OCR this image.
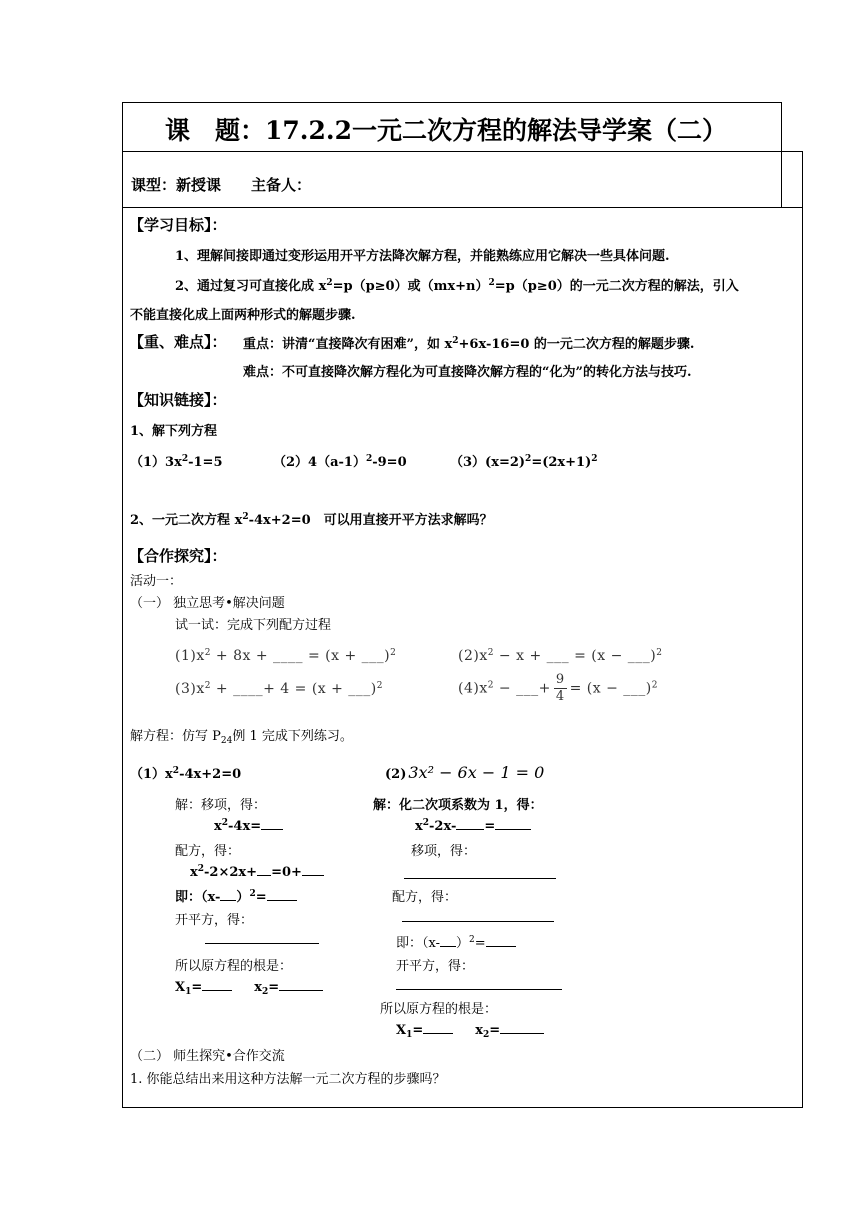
课　题：17.2.2一元二次方程的解法导学案（二）
课型：新授课　　主备人：
【学习目标】：
1、理解间接即通过变形运用开平方法降次解方程，并能熟练应用它解决一些具体问题.
2、通过复习可直接化成 $x^2=p(p\ge 0)$或$(mx+n)^2=p(p\ge 0)$的一元二次方程的解法，引入
不能直接化成上面两种形式的解题步骤.
【重、难点】： 重点：讲清“直接降次有困难”，如 $x^2+6x-16=0$ 的一元二次方程的解题步骤.
难点：不可直接降次解方程化为可直接降次解方程的“化为”的转化方法与技巧.
【知识链接】：
1、解下列方程
$(1)3x^2-1=5$	$(2)4(a-1)^2-9=0$	$(3)(x=2)^2=(2x+1)^2$
2、一元二次方程 $x^2-4x+2=0$　可以用直接开平方法求解吗？
【合作探究】：
活动一：
（一） 独立思考•解决问题
试一试：完成下列配方过程
$(1)x^2 + 8x$ + ____ = (x + ___)$^2$	$(2)x^2 - x$ + ___ = (x − ___)$^2$
$(3)x^2$ + ____+ 4 = (x + ___)$^2$	$(4)x^2$ − ___+ $\frac{9}{4} = (x$ − ___)$^2$
解方程：仿写 $P_{24}$例 1 完成下列练习。
$(1)x^2-4x+2=0$
解：移项，得：
$x^2-4x=$
配方，得：
$x^2-2\times 2x+ =0+$
即：（x- ）$^2$=
开平方，得：
所以原方程的根是：
$X_1=$	$x_2=$
(2) 3x² − 6x − 1 = 0
解：化二次项系数为 1，得：
$x^2-2x-$ =
移项，得：
配方，得：
即：（x- ）$^2$=
开平方，得：
所以原方程的根是：
$X_1=$	$x_2=$
（二） 师生探究•合作交流
1. 你能总结出来用这种方法解一元二次方程的步骤吗？
